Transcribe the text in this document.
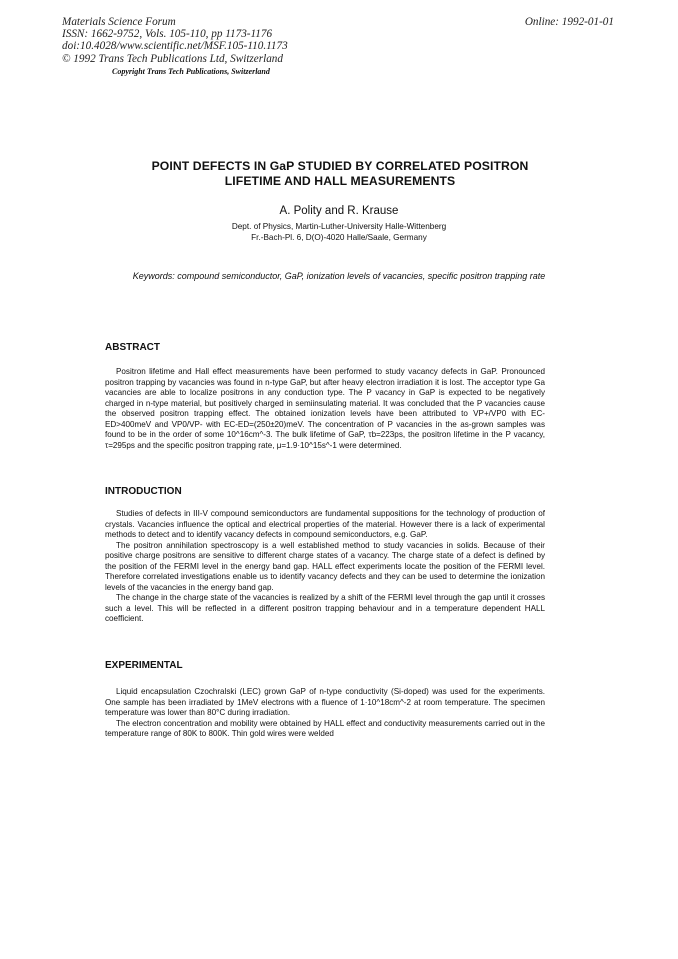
Materials Science Forum
ISSN: 1662-9752, Vols. 105-110, pp 1173-1176
doi:10.4028/www.scientific.net/MSF.105-110.1173
© 1992 Trans Tech Publications Ltd, Switzerland
Online: 1992-01-01
Copyright Trans Tech Publications, Switzerland
POINT DEFECTS IN GaP STUDIED BY CORRELATED POSITRON
LIFETIME AND HALL MEASUREMENTS
A. Polity and R. Krause
Dept. of Physics, Martin-Luther-University Halle-Wittenberg
Fr.-Bach-Pl. 6, D(O)-4020 Halle/Saale, Germany
Keywords: compound semiconductor, GaP, ionization levels of vacancies, specific positron trapping rate
ABSTRACT

Positron lifetime and Hall effect measurements have been performed to study vacancy defects in GaP. Pronounced positron trapping by vacancies was found in n-type GaP, but after heavy electron irradiation it is lost. The acceptor type Ga vacancies are able to localize positrons in any conduction type. The P vacancy in GaP is expected to be negatively charged in n-type material, but positively charged in semiinsulating material. It was concluded that the P vacancies cause the observed positron trapping effect. The obtained ionization levels have been attributed to VP+/VP0 with EC-ED>400meV and VP0/VP- with EC-ED=(250±20)meV. The concentration of P vacancies in the as-grown samples was found to be in the order of some 10^16cm^-3. The bulk lifetime of GaP, τb=223ps, the positron lifetime in the P vacancy, τ=295ps and the specific positron trapping rate, μ=1.9·10^15s^-1 were determined.

INTRODUCTION

Studies of defects in III-V compound semiconductors are fundamental suppositions for the technology of production of crystals. Vacancies influence the optical and electrical properties of the material. However there is a lack of experimental methods to detect and to identify vacancy defects in compound semiconductors, e.g. GaP.

The positron annihilation spectroscopy is a well established method to study vacancies in solids. Because of their positive charge positrons are sensitive to different charge states of a vacancy. The charge state of a defect is defined by the position of the FERMI level in the energy band gap. HALL effect experiments locate the position of the FERMI level. Therefore correlated investigations enable us to identify vacancy defects and they can be used to determine the ionization levels of the vacancies in the energy band gap.

The change in the charge state of the vacancies is realized by a shift of the FERMI level through the gap until it crosses such a level. This will be reflected in a different positron trapping behaviour and in a temperature dependent HALL coefficient.

EXPERIMENTAL

Liquid encapsulation Czochralski (LEC) grown GaP of n-type conductivity (Si-doped) was used for the experiments. One sample has been irradiated by 1MeV electrons with a fluence of 1·10^18cm^-2 at room temperature. The specimen temperature was lower than 80°C during irradiation.

The electron concentration and mobility were obtained by HALL effect and conductivity measurements carried out in the temperature range of 80K to 800K. Thin gold wires were welded
